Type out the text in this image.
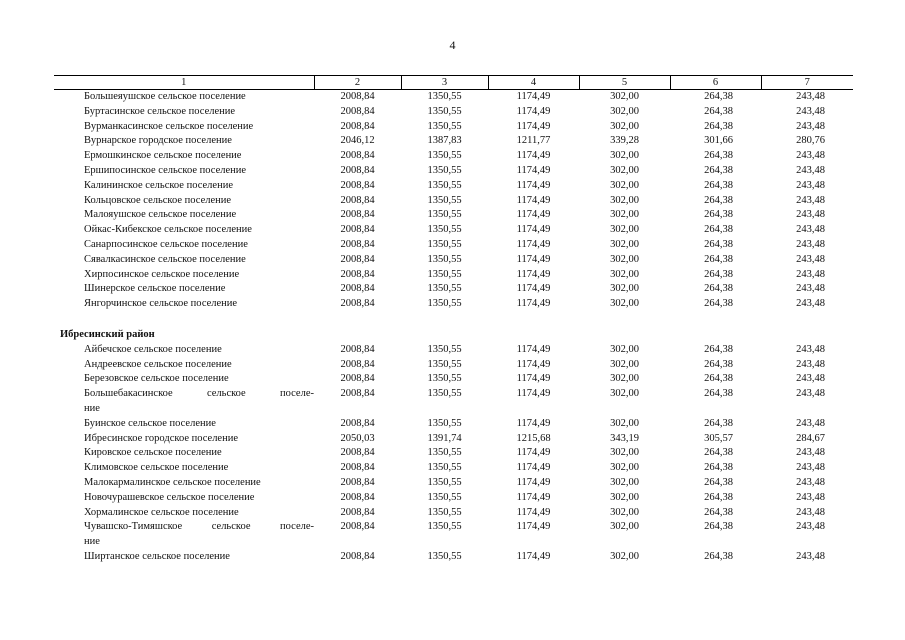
4
1	2	3	4	5	6	7
Большеяушское сельское поселение	2008,84	1350,55	1174,49	302,00	264,38	243,48
Буртасинское сельское поселение	2008,84	1350,55	1174,49	302,00	264,38	243,48
Вурманкасинское сельское поселение	2008,84	1350,55	1174,49	302,00	264,38	243,48
Вурнарское городское поселение	2046,12	1387,83	1211,77	339,28	301,66	280,76
Ермошкинское сельское поселение	2008,84	1350,55	1174,49	302,00	264,38	243,48
Ершипосинское сельское поселение	2008,84	1350,55	1174,49	302,00	264,38	243,48
Калининское сельское поселение	2008,84	1350,55	1174,49	302,00	264,38	243,48
Кольцовское сельское поселение	2008,84	1350,55	1174,49	302,00	264,38	243,48
Малояушское сельское поселение	2008,84	1350,55	1174,49	302,00	264,38	243,48
Ойкас-Кибекское сельское поселение	2008,84	1350,55	1174,49	302,00	264,38	243,48
Санарпосинское сельское поселение	2008,84	1350,55	1174,49	302,00	264,38	243,48
Сявалкасинское сельское поселение	2008,84	1350,55	1174,49	302,00	264,38	243,48
Хирпосинское сельское поселение	2008,84	1350,55	1174,49	302,00	264,38	243,48
Шинерское сельское поселение	2008,84	1350,55	1174,49	302,00	264,38	243,48
Янгорчинское сельское поселение	2008,84	1350,55	1174,49	302,00	264,38	243,48

Ибресинский район						
Айбечское сельское поселение	2008,84	1350,55	1174,49	302,00	264,38	243,48
Андреевское сельское поселение	2008,84	1350,55	1174,49	302,00	264,38	243,48
Березовское сельское поселение	2008,84	1350,55	1174,49	302,00	264,38	243,48
Большебакасинское сельское поселе-	2008,84	1350,55	1174,49	302,00	264,38	243,48
ние						
Буинское сельское поселение	2008,84	1350,55	1174,49	302,00	264,38	243,48
Ибресинское городское поселение	2050,03	1391,74	1215,68	343,19	305,57	284,67
Кировское сельское поселение	2008,84	1350,55	1174,49	302,00	264,38	243,48
Климовское сельское поселение	2008,84	1350,55	1174,49	302,00	264,38	243,48
Малокармалинское сельское поселение	2008,84	1350,55	1174,49	302,00	264,38	243,48
Новочурашевское сельское поселение	2008,84	1350,55	1174,49	302,00	264,38	243,48
Хормалинское сельское поселение	2008,84	1350,55	1174,49	302,00	264,38	243,48
Чувашско-Тимяшское сельское поселе-	2008,84	1350,55	1174,49	302,00	264,38	243,48
ние						
Ширтанское сельское поселение	2008,84	1350,55	1174,49	302,00	264,38	243,48
